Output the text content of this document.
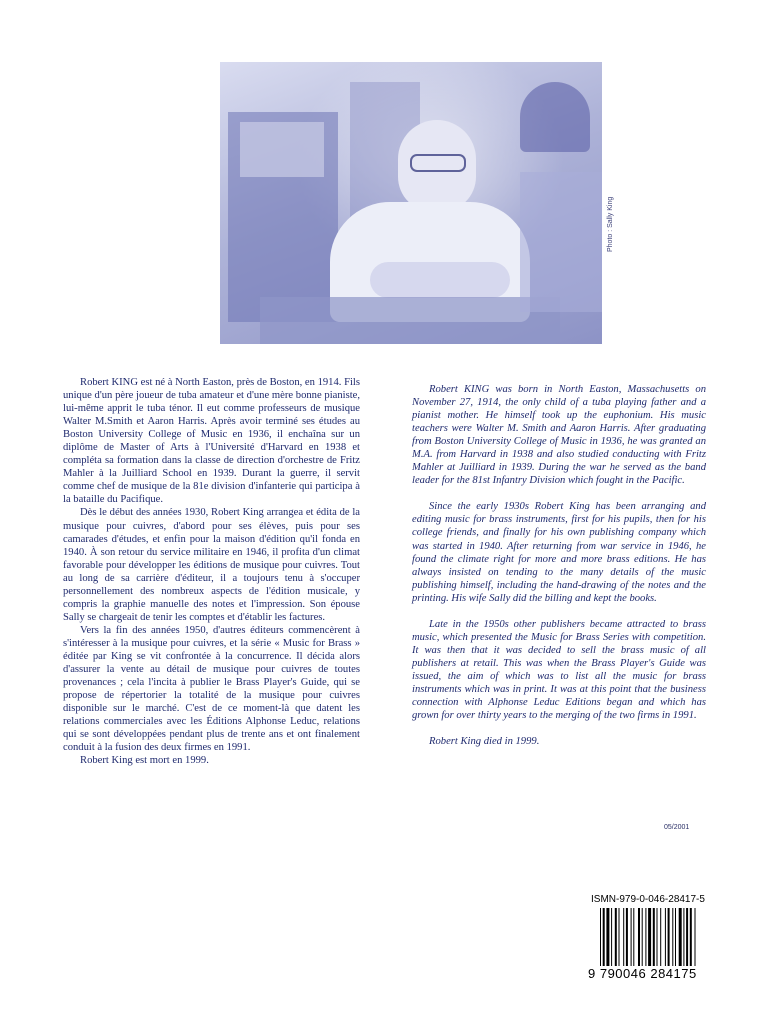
Photo : Sally King

Robert KING est né à North Easton, près de Boston, en 1914. Fils unique d'un père joueur de tuba amateur et d'une mère bonne pianiste, lui-même apprit le tuba ténor. Il eut comme professeurs de musique Walter M.Smith et Aaron Harris. Après avoir terminé ses études au Boston University College of Music en 1936, il enchaîna sur un diplôme de Master of Arts à l'Université d'Harvard en 1938 et compléta sa formation dans la classe de direction d'orchestre de Fritz Mahler à la Juilliard School en 1939. Durant la guerre, il servit comme chef de musique de la 81e division d'infanterie qui participa à la bataille du Pacifique.

Dès le début des années 1930, Robert King arrangea et édita de la musique pour cuivres, d'abord pour ses élèves, puis pour ses camarades d'études, et enfin pour la maison d'édition qu'il fonda en 1940. À son retour du service militaire en 1946, il profita d'un climat favorable pour développer les éditions de musique pour cuivres. Tout au long de sa carrière d'éditeur, il a toujours tenu à s'occuper personnellement des nombreux aspects de l'édition musicale, y compris la graphie manuelle des notes et l'impression. Son épouse Sally se chargeait de tenir les comptes et d'établir les factures.

Vers la fin des années 1950, d'autres éditeurs commencèrent à s'intéresser à la musique pour cuivres, et la série « Music for Brass » éditée par King se vit confrontée à la concurrence. Il décida alors d'assurer la vente au détail de musique pour cuivres de toutes provenances ; cela l'incita à publier le Brass Player's Guide, qui se propose de répertorier la totalité de la musique pour cuivres disponible sur le marché. C'est de ce moment-là que datent les relations commerciales avec les Éditions Alphonse Leduc, relations qui se sont développées pendant plus de trente ans et ont finalement conduit à la fusion des deux firmes en 1991.

Robert King est mort en 1999.

Robert KING was born in North Easton, Massachusetts on November 27, 1914, the only child of a tuba playing father and a pianist mother. He himself took up the euphonium. His music teachers were Walter M. Smith and Aaron Harris. After graduating from Boston University College of Music in 1936, he was granted an M.A. from Harvard in 1938 and also studied conducting with Fritz Mahler at Juilliard in 1939. During the war he served as the band leader for the 81st Infantry Division which fought in the Pacific.

Since the early 1930s Robert King has been arranging and editing music for brass instruments, first for his pupils, then for his college friends, and finally for his own publishing company which was started in 1940. After returning from war service in 1946, he found the climate right for more and more brass editions. He has always insisted on tending to the many details of the music publishing himself, including the hand-drawing of the notes and the printing. His wife Sally did the billing and kept the books.

Late in the 1950s other publishers became attracted to brass music, which presented the Music for Brass Series with competition. It was then that it was decided to sell the brass music of all publishers at retail. This was when the Brass Player's Guide was issued, the aim of which was to list all the music for brass instruments which was in print. It was at this point that the business connection with Alphonse Leduc Editions began and which has grown for over thirty years to the merging of the two firms in 1991.

Robert King died in 1999.

05/2001
ISMN-979-0-046-28417-5
9 790046 284175
